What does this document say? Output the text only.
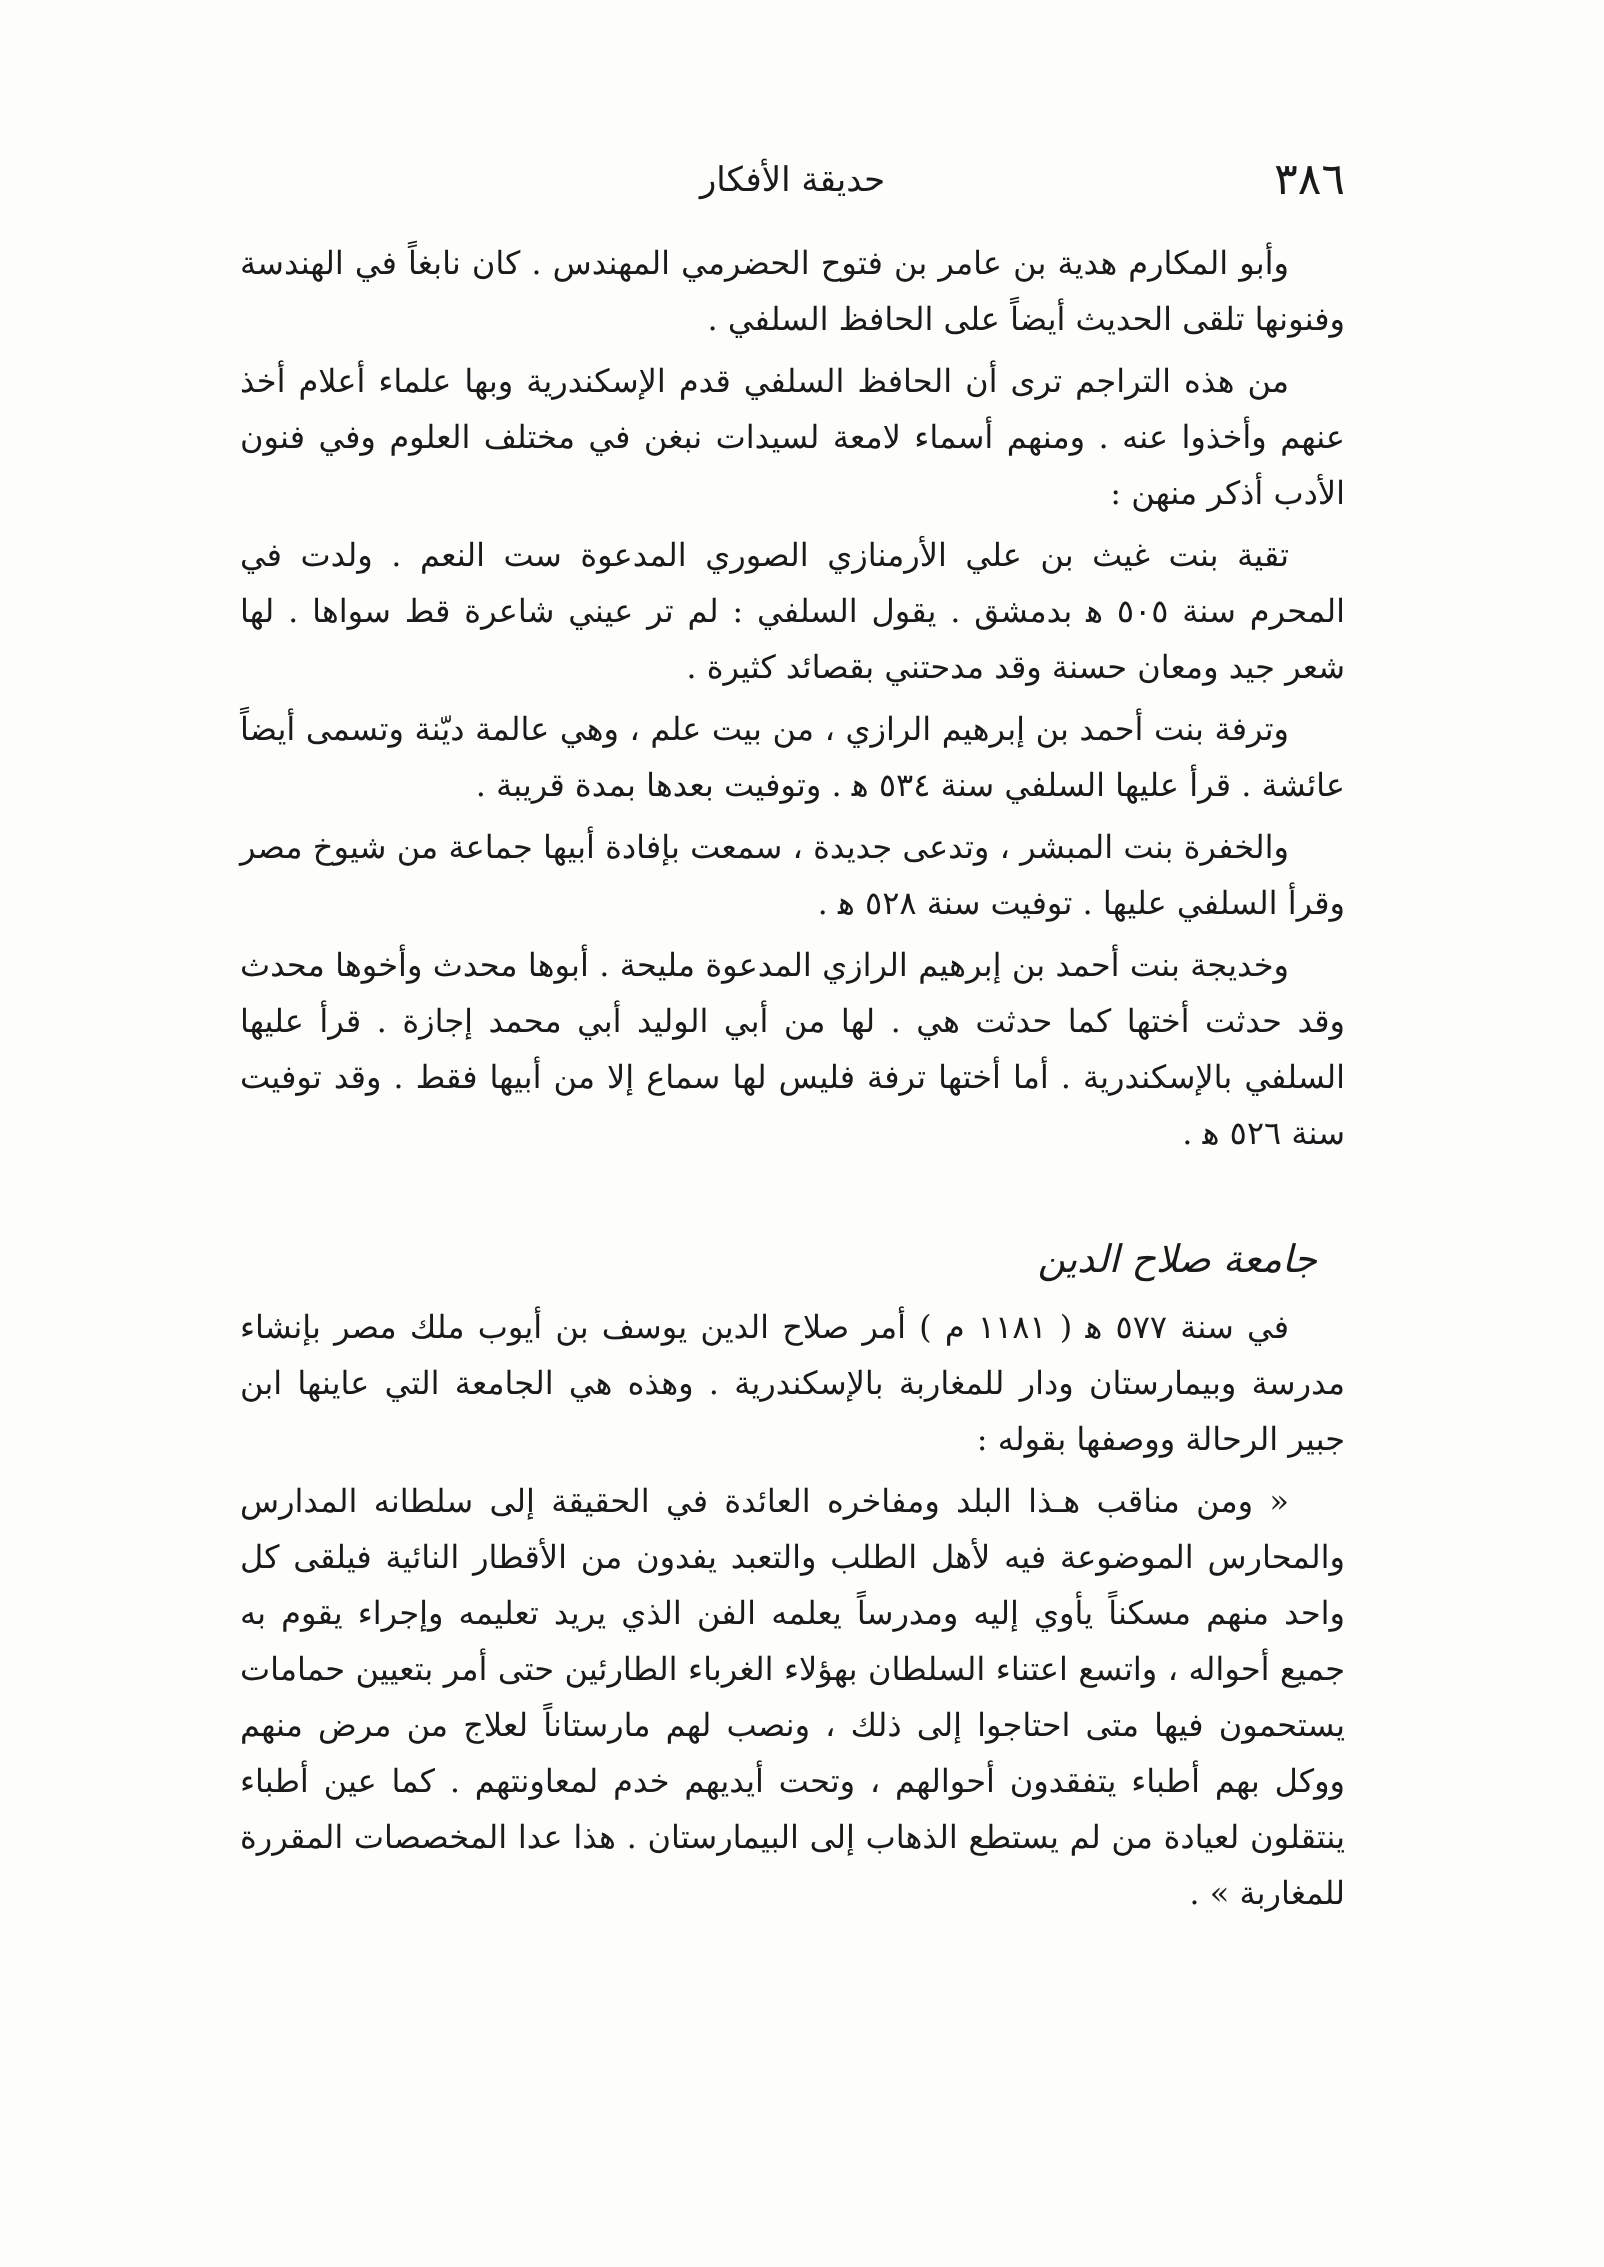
٣٨٦
حديقة الأفكار

وأبو المكارم هدية بن عامر بن فتوح الحضرمي المهندس . كان نابغاً في الهندسة وفنونها تلقى الحديث أيضاً على الحافظ السلفي .

من هذه التراجم ترى أن الحافظ السلفي قدم الإسكندرية وبها علماء أعلام أخذ عنهم وأخذوا عنه . ومنهم أسماء لامعة لسيدات نبغن في مختلف العلوم وفي فنون الأدب أذكر منهن :

تقية بنت غيث بن علي الأرمنازي الصوري المدعوة ست النعم . ولدت في المحرم سنة ٥٠٥ ﻫ بدمشق . يقول السلفي : لم تر عيني شاعرة قط سواها . لها شعر جيد ومعان حسنة وقد مدحتني بقصائد كثيرة .

وترفة بنت أحمد بن إبرهيم الرازي ، من بيت علم ، وهي عالمة ديّنة وتسمى أيضاً عائشة . قرأ عليها السلفي سنة ٥٣٤ ﻫ . وتوفيت بعدها بمدة قريبة .

والخفرة بنت المبشر ، وتدعى جديدة ، سمعت بإفادة أبيها جماعة من شيوخ مصر وقرأ السلفي عليها . توفيت سنة ٥٢٨ ﻫ .

وخديجة بنت أحمد بن إبرهيم الرازي المدعوة مليحة . أبوها محدث وأخوها محدث وقد حدثت أختها كما حدثت هي . لها من أبي الوليد أبي محمد إجازة . قرأ عليها السلفي بالإسكندرية . أما أختها ترفة فليس لها سماع إلا من أبيها فقط . وقد توفيت سنة ٥٢٦ ﻫ .

جامعة صلاح الدين

في سنة ٥٧٧ ﻫ ( ١١٨١ م ) أمر صلاح الدين يوسف بن أيوب ملك مصر بإنشاء مدرسة وبيمارستان ودار للمغاربة بالإسكندرية . وهذه هي الجامعة التي عاينها ابن جبير الرحالة ووصفها بقوله :

« ومن مناقب هـذا البلد ومفاخره العائدة في الحقيقة إلى سلطانه المدارس والمحارس الموضوعة فيه لأهل الطلب والتعبد يفدون من الأقطار النائية فيلقى كل واحد منهم مسكناً يأوي إليه ومدرساً يعلمه الفن الذي يريد تعليمه وإجراء يقوم به جميع أحواله ، واتسع اعتناء السلطان بهؤلاء الغرباء الطارئين حتى أمر بتعيين حمامات يستحمون فيها متى احتاجوا إلى ذلك ، ونصب لهم مارستاناً لعلاج من مرض منهم ووكل بهم أطباء يتفقدون أحوالهم ، وتحت أيديهم خدم لمعاونتهم . كما عين أطباء ينتقلون لعيادة من لم يستطع الذهاب إلى البيمارستان . هذا عدا المخصصات المقررة للمغاربة » .
